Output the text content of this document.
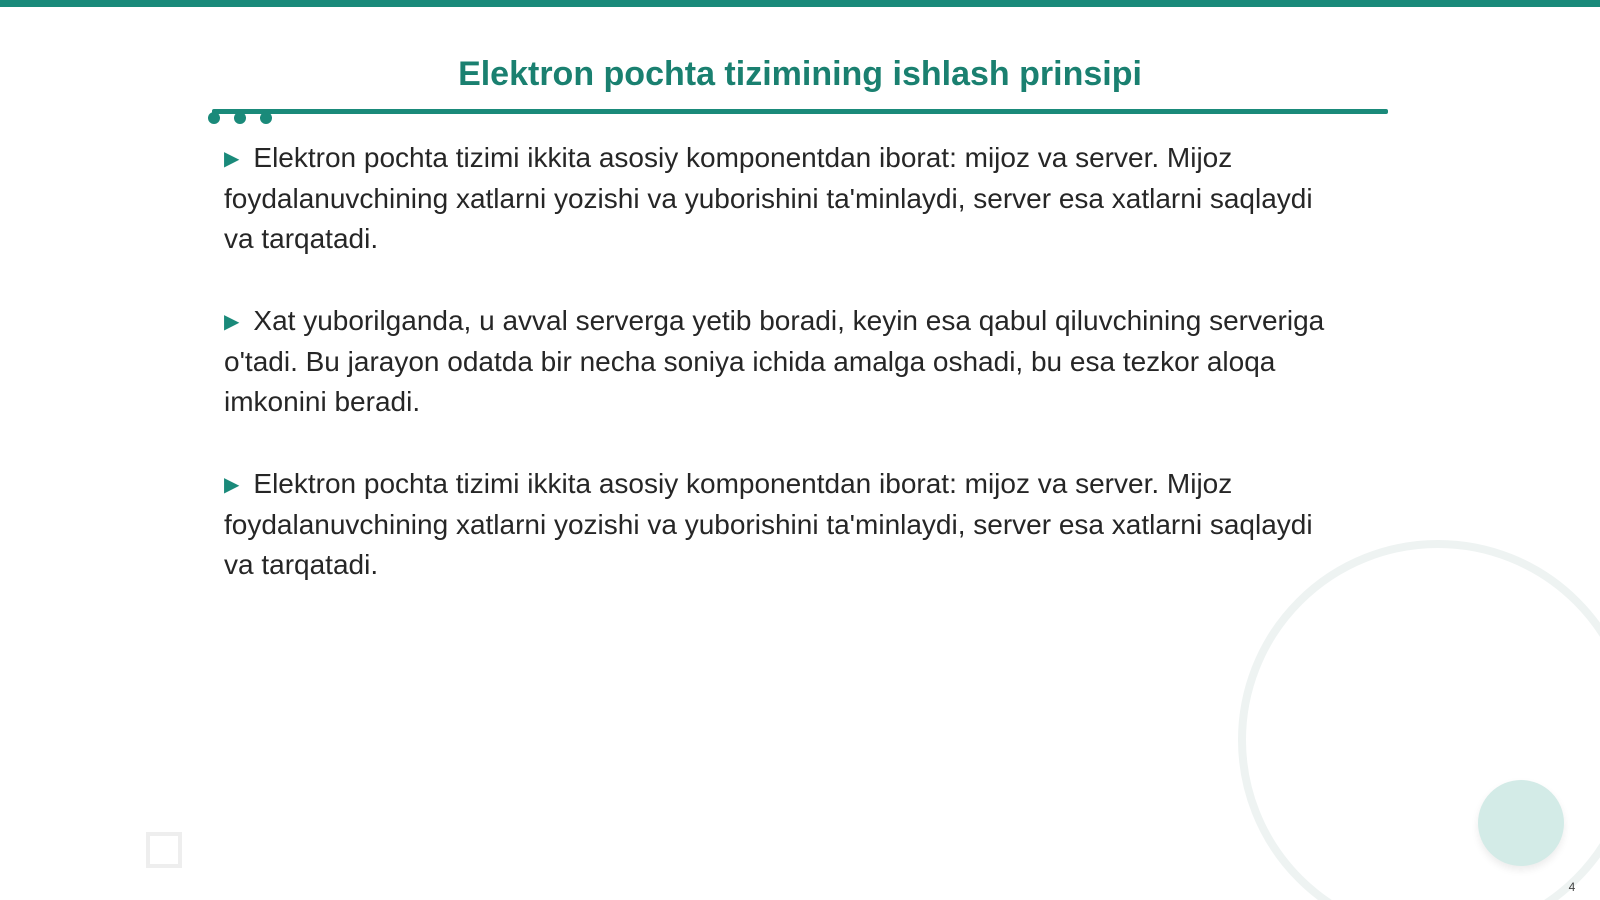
Elektron pochta tizimining ishlash prinsipi

▶ Elektron pochta tizimi ikkita asosiy komponentdan iborat: mijoz va server. Mijoz foydalanuvchining xatlarni yozishi va yuborishini ta'minlaydi, server esa xatlarni saqlaydi va tarqatadi.

▶ Xat yuborilganda, u avval serverga yetib boradi, keyin esa qabul qiluvchining serveriga o'tadi. Bu jarayon odatda bir necha soniya ichida amalga oshadi, bu esa tezkor aloqa imkonini beradi.

▶ Elektron pochta tizimi ikkita asosiy komponentdan iborat: mijoz va server. Mijoz foydalanuvchining xatlarni yozishi va yuborishini ta'minlaydi, server esa xatlarni saqlaydi va tarqatadi.

4
